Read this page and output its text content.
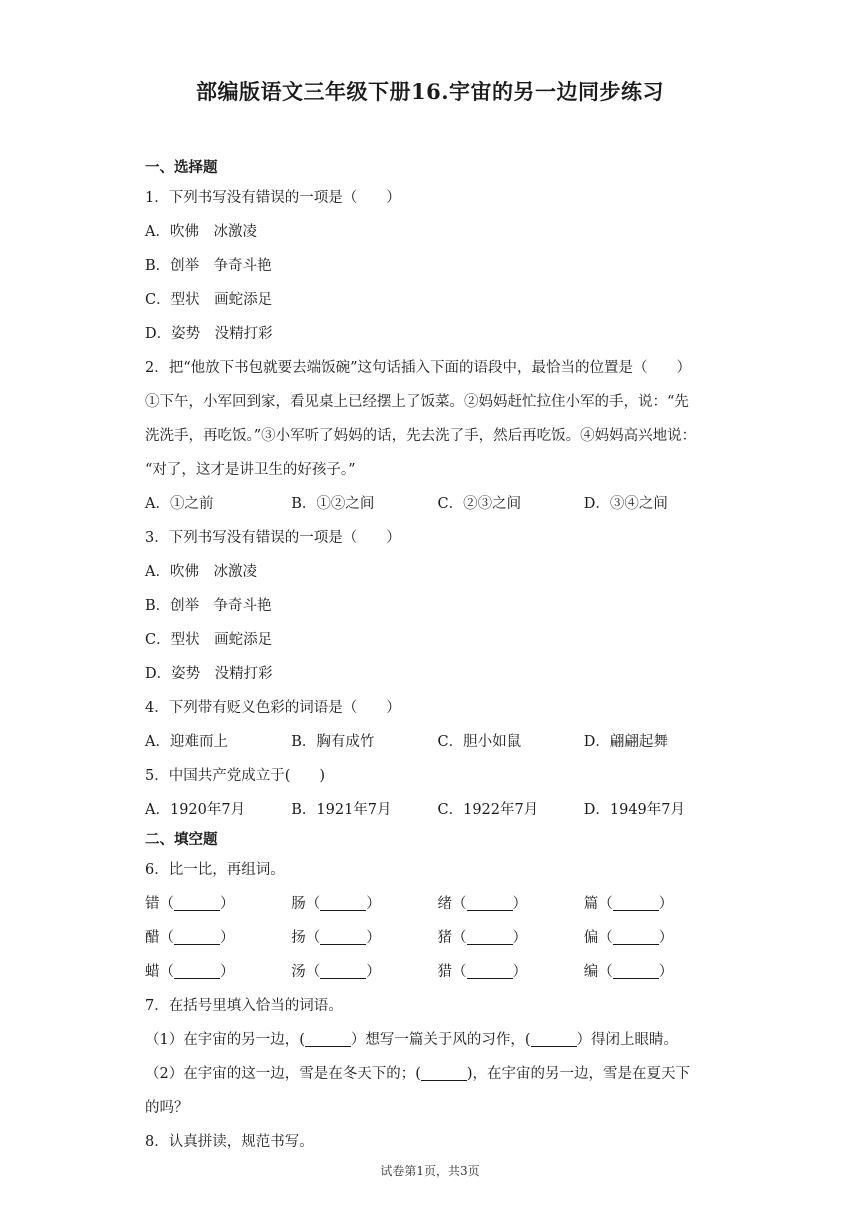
部编版语文三年级下册16.宇宙的另一边同步练习
一、选择题
1．下列书写没有错误的一项是（　　）
A．吹佛　冰激凌
B．创举　争奇斗艳
C．型状　画蛇添足
D．姿势　没精打彩
2．把“他放下书包就要去端饭碗”这句话插入下面的语段中，最恰当的位置是（　　）
①下午，小军回到家，看见桌上已经摆上了饭菜。②妈妈赶忙拉住小军的手，说：“先
洗洗手，再吃饭。”③小军听了妈妈的话，先去洗了手，然后再吃饭。④妈妈高兴地说：
“对了，这才是讲卫生的好孩子。”
A．①之前	B．①②之间	C．②③之间	D．③④之间
3．下列书写没有错误的一项是（　　）
A．吹佛　冰激凌
B．创举　争奇斗艳
C．型状　画蛇添足
D．姿势　没精打彩
4．下列带有贬义色彩的词语是（　　）
A．迎难而上	B．胸有成竹	C．胆小如鼠	D．翩翩起舞
5．中国共产党成立于(　　)
A．1920年7月	B．1921年7月	C．1922年7月	D．1949年7月
二、填空题
6．比一比，再组词。
错（	）	肠（	）	绪（	）	篇（	）
醋（	）	扬（	）	猪（	）	偏（	）
蜡（	）	汤（	）	猎（	）	编（	）
7．在括号里填入恰当的词语。
（1）在宇宙的另一边，(	）想写一篇关于风的习作，(	）得闭上眼睛。
（2）在宇宙的这一边，雪是在冬天下的；(	)，在宇宙的另一边，雪是在夏天下
的吗？
8．认真拼读，规范书写。
试卷第1页，共3页
